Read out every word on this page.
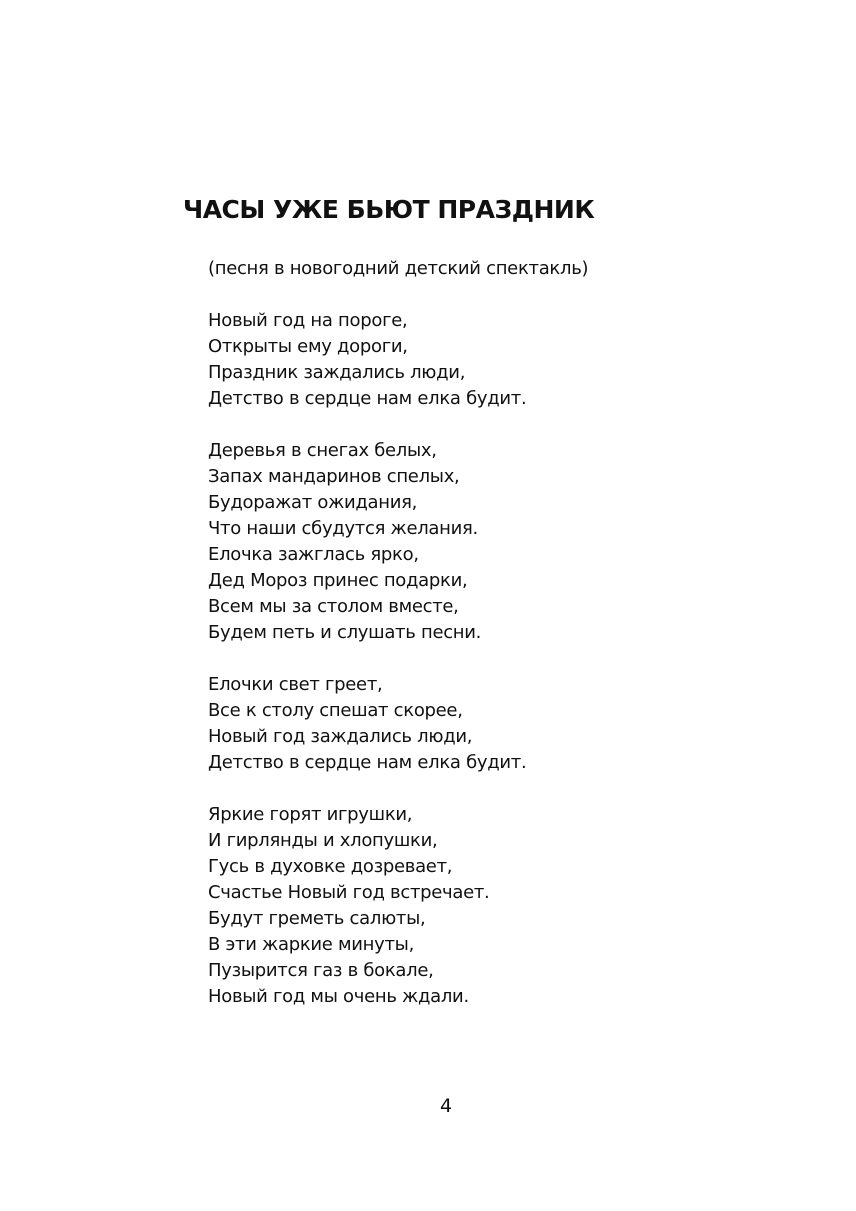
ЧАСЫ УЖЕ БЬЮТ ПРАЗДНИК
(песня в новогодний детский спектакль)
Новый год на пороге,
Открыты ему дороги,
Праздник заждались люди,
Детство в сердце нам елка будит.
Деревья в снегах белых,
Запах мандаринов спелых,
Будоражат ожидания,
Что наши сбудутся желания.
Елочка зажглась ярко,
Дед Мороз принес подарки,
Всем мы за столом вместе,
Будем петь и слушать песни.
Елочки свет греет,
Все к столу спешат скорее,
Новый год заждались люди,
Детство в сердце нам елка будит.
Яркие горят игрушки,
И гирлянды и хлопушки,
Гусь в духовке дозревает,
Счастье Новый год встречает.
Будут греметь салюты,
В эти жаркие минуты,
Пузырится газ в бокале,
Новый год мы очень ждали.
4
